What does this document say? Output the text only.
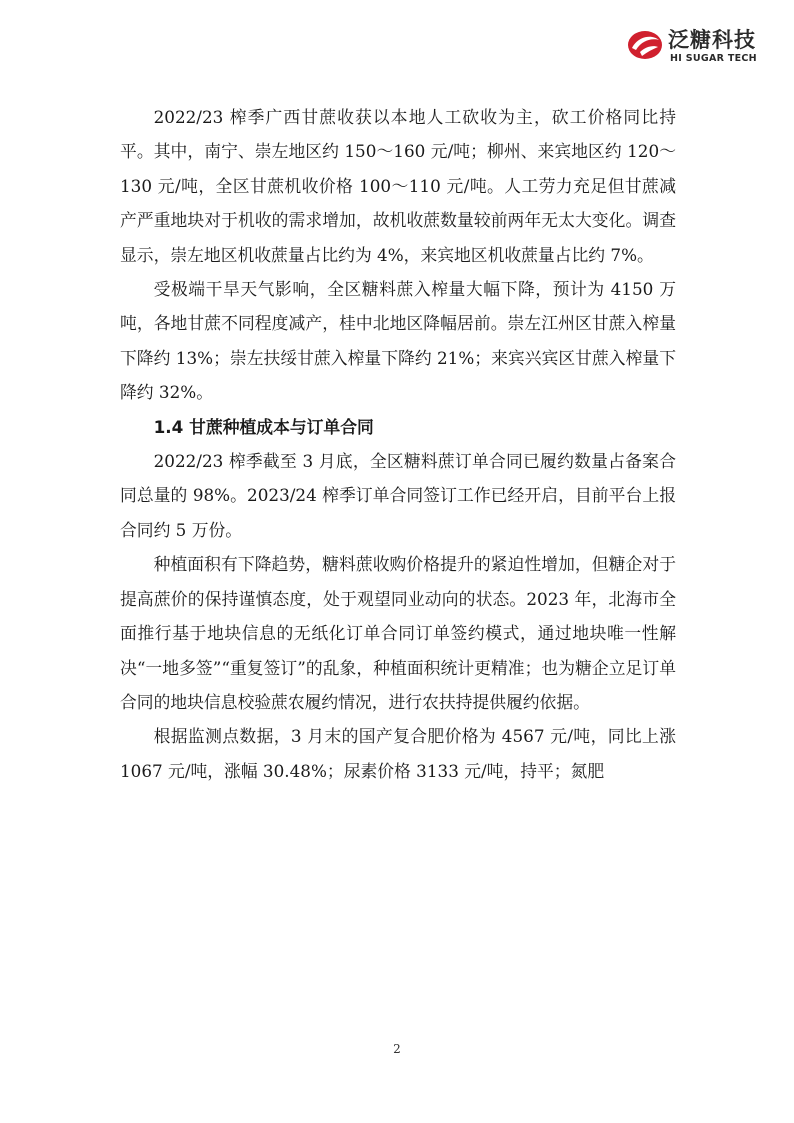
泛糖科技
HI SUGAR TECH

2022/23 榨季广西甘蔗收获以本地人工砍收为主，砍工价格同比持平。其中，南宁、崇左地区约 150～160 元/吨；柳州、来宾地区约 120～130 元/吨，全区甘蔗机收价格 100～110 元/吨。人工劳力充足但甘蔗减产严重地块对于机收的需求增加，故机收蔗数量较前两年无太大变化。调查显示，崇左地区机收蔗量占比约为 4%，来宾地区机收蔗量占比约 7%。

受极端干旱天气影响，全区糖料蔗入榨量大幅下降，预计为 4150 万吨，各地甘蔗不同程度减产，桂中北地区降幅居前。崇左江州区甘蔗入榨量下降约 13%；崇左扶绥甘蔗入榨量下降约 21%；来宾兴宾区甘蔗入榨量下降约 32%。

1.4 甘蔗种植成本与订单合同

2022/23 榨季截至 3 月底，全区糖料蔗订单合同已履约数量占备案合同总量的 98%。2023/24 榨季订单合同签订工作已经开启，目前平台上报合同约 5 万份。

种植面积有下降趋势，糖料蔗收购价格提升的紧迫性增加，但糖企对于提高蔗价的保持谨慎态度，处于观望同业动向的状态。2023 年，北海市全面推行基于地块信息的无纸化订单合同订单签约模式，通过地块唯一性解决“一地多签”“重复签订”的乱象，种植面积统计更精准；也为糖企立足订单合同的地块信息校验蔗农履约情况，进行农扶持提供履约依据。

根据监测点数据，3 月末的国产复合肥价格为 4567 元/吨，同比上涨 1067 元/吨，涨幅 30.48%；尿素价格 3133 元/吨，持平；氮肥

2
